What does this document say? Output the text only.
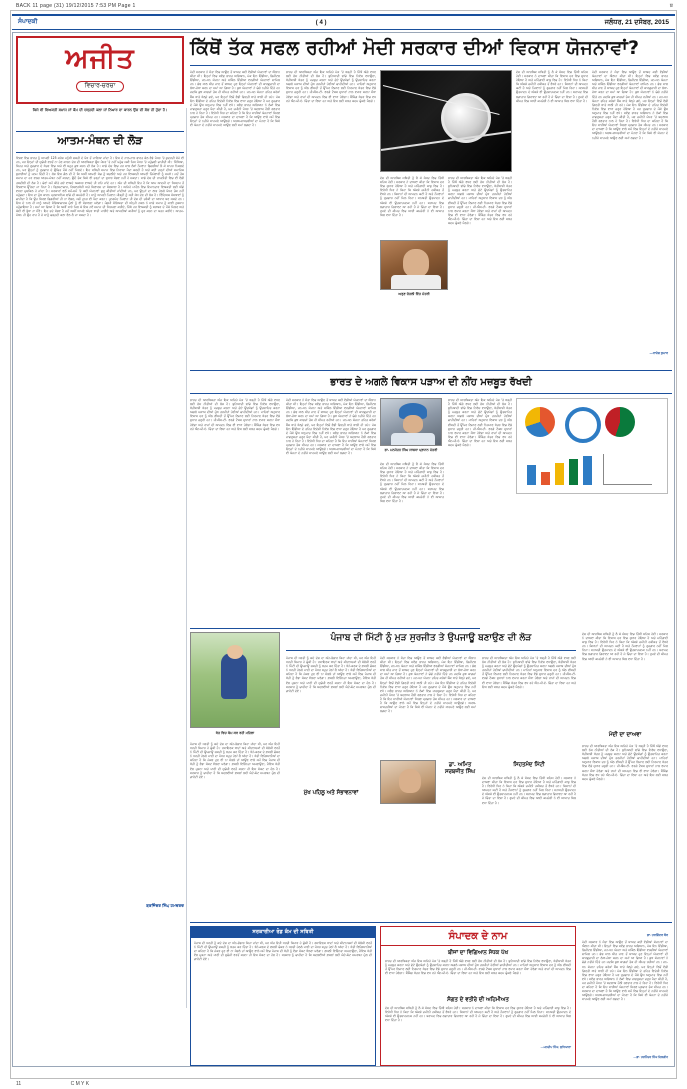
BACK 11 page (31) 19/12/2015 7:53 PM Page 1	प्र
ਸੰਪਾਦਕੀ	( 4 )	ਜਲੰਧਰ, 21 ਦਸੰਬਰ, 2015
ਅਜੀਤ
ਵਿਚਾਰ-ਚਰਚਾ
ਕਿੱਥੋਂ ਤੱਕ ਸਫਲ ਰਹੀਆਂ ਮੋਦੀ ਸਰਕਾਰ ਦੀਆਂ ਵਿਕਾਸ ਯੋਜਨਾਵਾਂ?
ਕਿਸੇ ਵੀ ਵਿਅਕਤੀ ਸਮਾਜ ਜਾਂ ਕੌਮ ਦੀ ਚੜ੍ਹਦੀ ਕਲਾ ਜਾਂ ਨਿਘਾਰ ਦਾ ਕਾਰਨ ਉਸ ਦੀ ਸੋਚ ਹੀ ਹੁੰਦਾ ਹੈ।
ਆਤਮ-ਮੰਥਨ ਦੀ ਲੋੜ
ਵਿਸ਼ਵ ਵਿਚ ਭਾਰਤ ਨੂੰ ਆਪਣੀ 125 ਕਰੋੜ ਮਨੁੱਖੀ ਸ਼ਕਤੀ ਦੇ ਪੱਖ ਤੋਂ ਜਾਣਿਆ ਜਾਂਦਾ ਹੈ। ਇਸ ਦੇ ਨਾਲ-ਨਾਲ ਭਾਰਤ ਕੋਲ ਵੱਡੇ ਪੱਧਰ 'ਤੇ ਕੁਦਰਤੀ ਸੋਮੇ ਵੀ ਹਨ, ਪਰ ਇਨ੍ਹਾਂ ਦੀ ਸੁਚੱਜੀ ਵਰਤੋਂ ਨਾ ਹੋਣ ਕਾਰਨ ਦੇਸ਼ ਦੀ ਆਰਥਿਕਤਾ ਉਸ ਪੱਧਰ 'ਤੇ ਨਹੀਂ ਪਹੁੰਚ ਸਕੀ ਜਿਸ ਪੱਧਰ 'ਤੇ ਪਹੁੰਚਣੀ ਚਾਹੀਦੀ ਸੀ। ਸਿੱਖਿਆ, ਸਿਹਤ ਅਤੇ ਰੁਜ਼ਗਾਰ ਦੇ ਖੇਤਰ ਵਿਚ ਅਜੇ ਵੀ ਬਹੁਤ ਕੁਝ ਕਰਨ ਦੀ ਲੋੜ ਹੈ। ਸਾਡੇ ਦੇਸ਼ ਵਿਚ ਹਰ ਸਾਲ ਲੱਖਾਂ ਨੌਜਵਾਨ ਡਿਗਰੀਆਂ ਲੈ ਕੇ ਬਾਹਰ ਨਿਕਲਦੇ ਹਨ, ਪਰ ਉਨ੍ਹਾਂ ਨੂੰ ਰੁਜ਼ਗਾਰ ਦੇ ਉਚਿਤ ਮੌਕੇ ਨਹੀਂ ਮਿਲਦੇ। ਇਹ ਸਥਿਤੀ ਸਮਾਜ ਵਿਚ ਨਿਰਾਸ਼ਾ ਪੈਦਾ ਕਰਦੀ ਹੈ ਅਤੇ ਕਈ ਤਰ੍ਹਾਂ ਦੀਆਂ ਸਮਾਜਿਕ ਬੁਰਾਈਆਂ ਨੂੰ ਜਨਮ ਦਿੰਦੀ ਹੈ। ਲੋੜ ਇਸ ਗੱਲ ਦੀ ਹੈ ਕਿ ਅਸੀਂ ਆਪਣੀ ਸੋਚ ਨੂੰ ਬਦਲੀਏ ਅਤੇ ਹਰ ਵਿਅਕਤੀ ਆਪਣੀ ਜ਼ਿੰਮੇਵਾਰੀ ਨੂੰ ਸਮਝੇ। ਜਦੋਂ ਤੱਕ ਸਮਾਜ ਦਾ ਹਰ ਵਰਗ ਆਤਮ-ਮੰਥਨ ਨਹੀਂ ਕਰਦਾ, ਉਦੋਂ ਤੱਕ ਕਿਸੇ ਵੀ ਤਰ੍ਹਾਂ ਦਾ ਸੁਧਾਰ ਸੰਭਵ ਨਹੀਂ ਹੋ ਸਕਦਾ। ਸਾਡੇ ਦੇਸ਼ ਦੀ ਰਾਜਨੀਤੀ ਵਿਚ ਵੀ ਵੱਡੀ ਤਬਦੀਲੀ ਦੀ ਲੋੜ ਹੈ। ਚੋਣਾਂ ਸਮੇਂ ਕੀਤੇ ਗਏ ਵਾਅਦੇ ਅਕਸਰ ਵਾਅਦੇ ਹੀ ਰਹਿ ਜਾਂਦੇ ਹਨ। ਅੱਜ ਦੀ ਸਥਿਤੀ ਇਹ ਹੈ ਕਿ ਆਮ ਆਦਮੀ ਦਾ ਸਿਸਟਮ ਤੋਂ ਵਿਸ਼ਵਾਸ ਉੱਠਦਾ ਜਾ ਰਿਹਾ ਹੈ। ਭ੍ਰਿਸ਼ਟਾਚਾਰ, ਰਿਸ਼ਵਤਖੋਰੀ ਅਤੇ ਸਿਫ਼ਾਰਸ਼ ਦਾ ਬੋਲਬਾਲਾ ਹੈ। ਅਜਿਹੇ ਮਾਹੌਲ ਵਿਚ ਇਮਾਨਦਾਰ ਵਿਅਕਤੀ ਲਈ ਅੱਗੇ ਵਧਣਾ ਮੁਸ਼ਕਿਲ ਹੋ ਜਾਂਦਾ ਹੈ। ਸਰਕਾਰਾਂ ਵਲੋਂ ਸਮੇਂ-ਸਮੇਂ 'ਤੇ ਕਈ ਯੋਜਨਾਵਾਂ ਸ਼ੁਰੂ ਕੀਤੀਆਂ ਜਾਂਦੀਆਂ ਹਨ, ਪਰ ਉਨ੍ਹਾਂ ਦਾ ਲਾਭ ਹੇਠਲੇ ਪੱਧਰ ਤੱਕ ਨਹੀਂ ਪਹੁੰਚਦਾ। ਇਸ ਦਾ ਮੁੱਖ ਕਾਰਨ ਪ੍ਰਸ਼ਾਸਨਿਕ ਢਾਂਚੇ ਦੀ ਕਮਜ਼ੋਰੀ ਹੈ। ਸਾਨੂੰ ਆਪਣੀ ਨੌਜਵਾਨ ਪੀੜ੍ਹੀ ਨੂੰ ਸਹੀ ਸੇਧ ਦੇਣ ਦੀ ਲੋੜ ਹੈ। ਵਿੱਦਿਅਕ ਸੰਸਥਾਵਾਂ ਨੂੰ ਚਾਹੀਦਾ ਹੈ ਕਿ ਉਹ ਸਿਰਫ਼ ਡਿਗਰੀਆਂ ਹੀ ਨਾ ਵੰਡਣ, ਸਗੋਂ ਹੁਨਰ ਵੀ ਪੈਦਾ ਕਰਨ। ਹੁਨਰਮੰਦ ਨੌਜਵਾਨ ਹੀ ਦੇਸ਼ ਦੀ ਤਰੱਕੀ ਦਾ ਆਧਾਰ ਬਣ ਸਕਦੇ ਹਨ। ਇਸ ਦੇ ਨਾਲ ਹੀ ਸਾਨੂੰ ਆਪਣੇ ਸੱਭਿਆਚਾਰਕ ਮੁੱਲਾਂ ਨੂੰ ਵੀ ਸੰਭਾਲਣਾ ਪਵੇਗਾ। ਪੱਛਮੀ ਸੱਭਿਅਤਾ ਦੀ ਅੰਨ੍ਹੀ ਨਕਲ ਨੇ ਸਾਡੇ ਸਮਾਜ ਨੂੰ ਕਾਫ਼ੀ ਨੁਕਸਾਨ ਪਹੁੰਚਾਇਆ ਹੈ। ਸਮਾਂ ਆ ਗਿਆ ਹੈ ਕਿ ਅਸੀਂ ਸਾਰੇ ਮਿਲ ਕੇ ਇਕ ਨਵੇਂ ਸਮਾਜ ਦੀ ਸਿਰਜਣਾ ਕਰੀਏ, ਜਿੱਥੇ ਹਰ ਵਿਅਕਤੀ ਨੂੰ ਬਰਾਬਰ ਦੇ ਮੌਕੇ ਮਿਲਣ ਅਤੇ ਕੋਈ ਵੀ ਭੁੱਖਾ ਨਾ ਸੌਂਵੇ। ਇਹ ਤਦੇ ਸੰਭਵ ਹੈ ਜਦੋਂ ਅਸੀਂ ਆਪਣੇ ਅੰਦਰ ਝਾਤੀ ਮਾਰੀਏ ਅਤੇ ਆਪਣੀਆਂ ਕਮੀਆਂ ਨੂੰ ਦੂਰ ਕਰਨ ਦਾ ਯਤਨ ਕਰੀਏ। ਆਤਮ-ਮੰਥਨ ਹੀ ਉਹ ਰਾਹ ਹੈ ਜੋ ਸਾਨੂੰ ਚੜ੍ਹਦੀ ਕਲਾ ਵੱਲ ਲੈ ਜਾ ਸਕਦਾ ਹੈ।
ਬਰਜਿੰਦਰ ਸਿੰਘ ਹਮਦਰਦ
ਮੋਦੀ ਸਰਕਾਰ ਨੇ ਸੱਤਾ ਵਿਚ ਆਉਣ ਤੋਂ ਬਾਅਦ ਕਈ ਵੱਡੀਆਂ ਯੋਜਨਾਵਾਂ ਦਾ ਐਲਾਨ ਕੀਤਾ ਸੀ। ਇਨ੍ਹਾਂ ਵਿਚ ਸਵੱਛ ਭਾਰਤ ਅਭਿਆਨ, ਮੇਕ ਇਨ ਇੰਡੀਆ, ਡਿਜੀਟਲ ਇੰਡੀਆ, ਜਨ-ਧਨ ਯੋਜਨਾ ਅਤੇ ਸਕਿੱਲ ਇੰਡੀਆ ਵਰਗੀਆਂ ਯੋਜਨਾਵਾਂ ਸ਼ਾਮਿਲ ਹਨ। ਡੇਢ ਸਾਲ ਬੀਤ ਜਾਣ ਤੋਂ ਬਾਅਦ ਹੁਣ ਇਨ੍ਹਾਂ ਯੋਜਨਾਵਾਂ ਦੀ ਕਾਰਗੁਜ਼ਾਰੀ ਦਾ ਲੇਖਾ-ਜੋਖਾ ਕਰਨ ਦਾ ਸਮਾਂ ਆ ਗਿਆ ਹੈ। ਕੁਝ ਯੋਜਨਾਵਾਂ ਨੇ ਚੰਗੇ ਨਤੀਜੇ ਦਿੱਤੇ ਹਨ ਜਦਕਿ ਕੁਝ ਕਾਗਜ਼ਾਂ ਤੱਕ ਹੀ ਸੀਮਤ ਰਹੀਆਂ ਹਨ। ਜਨ-ਧਨ ਯੋਜਨਾ ਤਹਿਤ ਕਰੋੜਾਂ ਬੈਂਕ ਖਾਤੇ ਖੋਲ੍ਹੇ ਗਏ, ਪਰ ਇਨ੍ਹਾਂ ਵਿਚੋਂ ਵੱਡੀ ਗਿਣਤੀ ਖਾਤੇ ਖਾਲੀ ਹੀ ਰਹੇ। ਮੇਕ ਇਨ ਇੰਡੀਆ ਦੇ ਤਹਿਤ ਵਿਦੇਸ਼ੀ ਨਿਵੇਸ਼ ਵਿਚ ਵਾਧਾ ਜ਼ਰੂਰ ਹੋਇਆ ਹੈ ਪਰ ਰੁਜ਼ਗਾਰ ਦੇ ਮੌਕੇ ਉਸ ਅਨੁਪਾਤ ਵਿਚ ਨਹੀਂ ਵਧੇ। ਸਵੱਛ ਭਾਰਤ ਅਭਿਆਨ ਨੇ ਲੋਕਾਂ ਵਿਚ ਜਾਗਰੂਕਤਾ ਜ਼ਰੂਰ ਪੈਦਾ ਕੀਤੀ ਹੈ, ਪਰ ਜ਼ਮੀਨੀ ਪੱਧਰ 'ਤੇ ਬਦਲਾਅ ਹੌਲੀ ਰਫ਼ਤਾਰ ਨਾਲ ਹੋ ਰਿਹਾ ਹੈ। ਵਿਰੋਧੀ ਧਿਰ ਦਾ ਕਹਿਣਾ ਹੈ ਕਿ ਇਹ ਸਾਰੀਆਂ ਯੋਜਨਾਵਾਂ ਸਿਰਫ਼ ਪ੍ਰਚਾਰ ਤੱਕ ਸੀਮਤ ਹਨ। ਸਰਕਾਰ ਦਾ ਦਾਅਵਾ ਹੈ ਕਿ ਆਉਣ ਵਾਲੇ ਸਮੇਂ ਵਿਚ ਇਨ੍ਹਾਂ ਦੇ ਨਤੀਜੇ ਸਾਹਮਣੇ ਆਉਣਗੇ। ਅਰਥ-ਸ਼ਾਸਤਰੀਆਂ ਦਾ ਮੰਨਣਾ ਹੈ ਕਿ ਕਿਸੇ ਵੀ ਯੋਜਨਾ ਦੇ ਨਤੀਜੇ ਸਾਹਮਣੇ ਆਉਣ ਲਈ ਸਮਾਂ ਲਗਦਾ ਹੈ।
ਭਾਰਤ ਦੀ ਆਰਥਿਕਤਾ ਅੱਜ ਇਕ ਅਜਿਹੇ ਮੋੜ 'ਤੇ ਖੜ੍ਹੀ ਹੈ ਜਿੱਥੋਂ ਅੱਗੇ ਵਧਣ ਲਈ ਠੋਸ ਨੀਤੀਆਂ ਦੀ ਲੋੜ ਹੈ। ਬੁਨਿਆਦੀ ਢਾਂਚੇ ਵਿਚ ਨਿਵੇਸ਼ ਵਧਾਉਣਾ, ਖੇਤੀਬਾੜੀ ਖੇਤਰ ਨੂੰ ਮਜ਼ਬੂਤ ਕਰਨਾ ਅਤੇ ਛੋਟੇ ਉਦਯੋਗਾਂ ਨੂੰ ਉਤਸ਼ਾਹਿਤ ਕਰਨਾ ਅਗਲੇ ਪੜਾਅ ਦੀਆਂ ਮੁੱਖ ਤਰਜੀਹਾਂ ਹੋਣੀਆਂ ਚਾਹੀਦੀਆਂ ਹਨ। ਮਾਹਿਰਾਂ ਅਨੁਸਾਰ ਵਿਕਾਸ ਦਰ ਨੂੰ ਅੱਠ ਫ਼ੀਸਦੀ ਤੋਂ ਉੱਪਰ ਲਿਜਾਣ ਲਈ ਨਿਰਮਾਣ ਖੇਤਰ ਵਿਚ ਵੱਡੇ ਸੁਧਾਰ ਜ਼ਰੂਰੀ ਹਨ। ਜੀ.ਐਸ.ਟੀ. ਵਰਗੇ ਟੈਕਸ ਸੁਧਾਰਾਂ ਨਾਲ ਵਪਾਰ ਕਰਨਾ ਸੌਖਾ ਹੋਵੇਗਾ ਅਤੇ ਰਾਜਾਂ ਦੀ ਆਮਦਨ ਵਿਚ ਵੀ ਵਾਧਾ ਹੋਵੇਗਾ। ਬੈਂਕਿੰਗ ਖੇਤਰ ਵਿਚ ਵਧ ਰਹੇ ਐਨ.ਪੀ.ਏ. ਚਿੰਤਾ ਦਾ ਵਿਸ਼ਾ ਹਨ ਅਤੇ ਇਸ ਲਈ ਸਖ਼ਤ ਕਦਮ ਚੁੱਕਣੇ ਪੈਣਗੇ।
ਦੇਸ਼ ਦੀ ਆਰਥਿਕ ਸਥਿਤੀ ਨੂੰ ਲੈ ਕੇ ਸੰਸਦ ਵਿਚ ਤਿੱਖੀ ਬਹਿਸ ਹੋਈ। ਸਰਕਾਰ ਨੇ ਦਾਅਵਾ ਕੀਤਾ ਕਿ ਵਿਕਾਸ ਦਰ ਵਿਚ ਸੁਧਾਰ ਹੋਇਆ ਹੈ ਅਤੇ ਮਹਿੰਗਾਈ ਕਾਬੂ ਵਿਚ ਹੈ। ਵਿਰੋਧੀ ਧਿਰ ਨੇ ਕਿਹਾ ਕਿ ਅੰਕੜੇ ਜ਼ਮੀਨੀ ਹਕੀਕਤ ਤੋਂ ਵੱਖਰੇ ਹਨ। ਕਿਸਾਨਾਂ ਦੀ ਆਮਦਨ ਘਟੀ ਹੈ ਅਤੇ ਨੌਜਵਾਨਾਂ ਨੂੰ ਰੁਜ਼ਗਾਰ ਨਹੀਂ ਮਿਲ ਰਿਹਾ। ਸਨਅਤੀ ਉਤਪਾਦਨ ਦੇ ਅੰਕੜੇ ਵੀ ਉਤਸ਼ਾਹਜਨਕ ਨਹੀਂ ਹਨ। ਬਰਾਮਦ ਵਿਚ ਲਗਾਤਾਰ ਗਿਰਾਵਟ ਆ ਰਹੀ ਹੈ ਜੋ ਚਿੰਤਾ ਦਾ ਵਿਸ਼ਾ ਹੈ। ਰੁਪਏ ਦੀ ਕੀਮਤ ਵਿਚ ਆਈ ਕਮਜ਼ੋਰੀ ਨੇ ਵੀ ਆਯਾਤ ਬਿਲ ਵਧਾ ਦਿੱਤਾ ਹੈ।
ਭਾਰਤ ਦੀ ਆਰਥਿਕਤਾ ਅੱਜ ਇਕ ਅਜਿਹੇ ਮੋੜ 'ਤੇ ਖੜ੍ਹੀ ਹੈ ਜਿੱਥੋਂ ਅੱਗੇ ਵਧਣ ਲਈ ਠੋਸ ਨੀਤੀਆਂ ਦੀ ਲੋੜ ਹੈ। ਬੁਨਿਆਦੀ ਢਾਂਚੇ ਵਿਚ ਨਿਵੇਸ਼ ਵਧਾਉਣਾ, ਖੇਤੀਬਾੜੀ ਖੇਤਰ ਨੂੰ ਮਜ਼ਬੂਤ ਕਰਨਾ ਅਤੇ ਛੋਟੇ ਉਦਯੋਗਾਂ ਨੂੰ ਉਤਸ਼ਾਹਿਤ ਕਰਨਾ ਅਗਲੇ ਪੜਾਅ ਦੀਆਂ ਮੁੱਖ ਤਰਜੀਹਾਂ ਹੋਣੀਆਂ ਚਾਹੀਦੀਆਂ ਹਨ। ਮਾਹਿਰਾਂ ਅਨੁਸਾਰ ਵਿਕਾਸ ਦਰ ਨੂੰ ਅੱਠ ਫ਼ੀਸਦੀ ਤੋਂ ਉੱਪਰ ਲਿਜਾਣ ਲਈ ਨਿਰਮਾਣ ਖੇਤਰ ਵਿਚ ਵੱਡੇ ਸੁਧਾਰ ਜ਼ਰੂਰੀ ਹਨ। ਜੀ.ਐਸ.ਟੀ. ਵਰਗੇ ਟੈਕਸ ਸੁਧਾਰਾਂ ਨਾਲ ਵਪਾਰ ਕਰਨਾ ਸੌਖਾ ਹੋਵੇਗਾ ਅਤੇ ਰਾਜਾਂ ਦੀ ਆਮਦਨ ਵਿਚ ਵੀ ਵਾਧਾ ਹੋਵੇਗਾ। ਬੈਂਕਿੰਗ ਖੇਤਰ ਵਿਚ ਵਧ ਰਹੇ ਐਨ.ਪੀ.ਏ. ਚਿੰਤਾ ਦਾ ਵਿਸ਼ਾ ਹਨ ਅਤੇ ਇਸ ਲਈ ਸਖ਼ਤ ਕਦਮ ਚੁੱਕਣੇ ਪੈਣਗੇ।
ਅਰੁਣ ਜੇਤਲੀ ਵਿੱਤ ਮੰਤਰੀ
ਦੇਸ਼ ਦੀ ਆਰਥਿਕ ਸਥਿਤੀ ਨੂੰ ਲੈ ਕੇ ਸੰਸਦ ਵਿਚ ਤਿੱਖੀ ਬਹਿਸ ਹੋਈ। ਸਰਕਾਰ ਨੇ ਦਾਅਵਾ ਕੀਤਾ ਕਿ ਵਿਕਾਸ ਦਰ ਵਿਚ ਸੁਧਾਰ ਹੋਇਆ ਹੈ ਅਤੇ ਮਹਿੰਗਾਈ ਕਾਬੂ ਵਿਚ ਹੈ। ਵਿਰੋਧੀ ਧਿਰ ਨੇ ਕਿਹਾ ਕਿ ਅੰਕੜੇ ਜ਼ਮੀਨੀ ਹਕੀਕਤ ਤੋਂ ਵੱਖਰੇ ਹਨ। ਕਿਸਾਨਾਂ ਦੀ ਆਮਦਨ ਘਟੀ ਹੈ ਅਤੇ ਨੌਜਵਾਨਾਂ ਨੂੰ ਰੁਜ਼ਗਾਰ ਨਹੀਂ ਮਿਲ ਰਿਹਾ। ਸਨਅਤੀ ਉਤਪਾਦਨ ਦੇ ਅੰਕੜੇ ਵੀ ਉਤਸ਼ਾਹਜਨਕ ਨਹੀਂ ਹਨ। ਬਰਾਮਦ ਵਿਚ ਲਗਾਤਾਰ ਗਿਰਾਵਟ ਆ ਰਹੀ ਹੈ ਜੋ ਚਿੰਤਾ ਦਾ ਵਿਸ਼ਾ ਹੈ। ਰੁਪਏ ਦੀ ਕੀਮਤ ਵਿਚ ਆਈ ਕਮਜ਼ੋਰੀ ਨੇ ਵੀ ਆਯਾਤ ਬਿਲ ਵਧਾ ਦਿੱਤਾ ਹੈ।
ਮੋਦੀ ਸਰਕਾਰ ਨੇ ਸੱਤਾ ਵਿਚ ਆਉਣ ਤੋਂ ਬਾਅਦ ਕਈ ਵੱਡੀਆਂ ਯੋਜਨਾਵਾਂ ਦਾ ਐਲਾਨ ਕੀਤਾ ਸੀ। ਇਨ੍ਹਾਂ ਵਿਚ ਸਵੱਛ ਭਾਰਤ ਅਭਿਆਨ, ਮੇਕ ਇਨ ਇੰਡੀਆ, ਡਿਜੀਟਲ ਇੰਡੀਆ, ਜਨ-ਧਨ ਯੋਜਨਾ ਅਤੇ ਸਕਿੱਲ ਇੰਡੀਆ ਵਰਗੀਆਂ ਯੋਜਨਾਵਾਂ ਸ਼ਾਮਿਲ ਹਨ। ਡੇਢ ਸਾਲ ਬੀਤ ਜਾਣ ਤੋਂ ਬਾਅਦ ਹੁਣ ਇਨ੍ਹਾਂ ਯੋਜਨਾਵਾਂ ਦੀ ਕਾਰਗੁਜ਼ਾਰੀ ਦਾ ਲੇਖਾ-ਜੋਖਾ ਕਰਨ ਦਾ ਸਮਾਂ ਆ ਗਿਆ ਹੈ। ਕੁਝ ਯੋਜਨਾਵਾਂ ਨੇ ਚੰਗੇ ਨਤੀਜੇ ਦਿੱਤੇ ਹਨ ਜਦਕਿ ਕੁਝ ਕਾਗਜ਼ਾਂ ਤੱਕ ਹੀ ਸੀਮਤ ਰਹੀਆਂ ਹਨ। ਜਨ-ਧਨ ਯੋਜਨਾ ਤਹਿਤ ਕਰੋੜਾਂ ਬੈਂਕ ਖਾਤੇ ਖੋਲ੍ਹੇ ਗਏ, ਪਰ ਇਨ੍ਹਾਂ ਵਿਚੋਂ ਵੱਡੀ ਗਿਣਤੀ ਖਾਤੇ ਖਾਲੀ ਹੀ ਰਹੇ। ਮੇਕ ਇਨ ਇੰਡੀਆ ਦੇ ਤਹਿਤ ਵਿਦੇਸ਼ੀ ਨਿਵੇਸ਼ ਵਿਚ ਵਾਧਾ ਜ਼ਰੂਰ ਹੋਇਆ ਹੈ ਪਰ ਰੁਜ਼ਗਾਰ ਦੇ ਮੌਕੇ ਉਸ ਅਨੁਪਾਤ ਵਿਚ ਨਹੀਂ ਵਧੇ। ਸਵੱਛ ਭਾਰਤ ਅਭਿਆਨ ਨੇ ਲੋਕਾਂ ਵਿਚ ਜਾਗਰੂਕਤਾ ਜ਼ਰੂਰ ਪੈਦਾ ਕੀਤੀ ਹੈ, ਪਰ ਜ਼ਮੀਨੀ ਪੱਧਰ 'ਤੇ ਬਦਲਾਅ ਹੌਲੀ ਰਫ਼ਤਾਰ ਨਾਲ ਹੋ ਰਿਹਾ ਹੈ। ਵਿਰੋਧੀ ਧਿਰ ਦਾ ਕਹਿਣਾ ਹੈ ਕਿ ਇਹ ਸਾਰੀਆਂ ਯੋਜਨਾਵਾਂ ਸਿਰਫ਼ ਪ੍ਰਚਾਰ ਤੱਕ ਸੀਮਤ ਹਨ। ਸਰਕਾਰ ਦਾ ਦਾਅਵਾ ਹੈ ਕਿ ਆਉਣ ਵਾਲੇ ਸਮੇਂ ਵਿਚ ਇਨ੍ਹਾਂ ਦੇ ਨਤੀਜੇ ਸਾਹਮਣੇ ਆਉਣਗੇ। ਅਰਥ-ਸ਼ਾਸਤਰੀਆਂ ਦਾ ਮੰਨਣਾ ਹੈ ਕਿ ਕਿਸੇ ਵੀ ਯੋਜਨਾ ਦੇ ਨਤੀਜੇ ਸਾਹਮਣੇ ਆਉਣ ਲਈ ਸਮਾਂ ਲਗਦਾ ਹੈ।
—ਰਾਜੇਸ਼ ਕੁਮਾਰ
ਭਾਰਤ ਦੇ ਅਗਲੇ ਵਿਕਾਸ ਪੜਾਅ ਦੀ ਨੀਂਹ ਮਜ਼ਬੂਤ ਰੱਖਦੀ
ਭਾਰਤ ਦੀ ਆਰਥਿਕਤਾ ਅੱਜ ਇਕ ਅਜਿਹੇ ਮੋੜ 'ਤੇ ਖੜ੍ਹੀ ਹੈ ਜਿੱਥੋਂ ਅੱਗੇ ਵਧਣ ਲਈ ਠੋਸ ਨੀਤੀਆਂ ਦੀ ਲੋੜ ਹੈ। ਬੁਨਿਆਦੀ ਢਾਂਚੇ ਵਿਚ ਨਿਵੇਸ਼ ਵਧਾਉਣਾ, ਖੇਤੀਬਾੜੀ ਖੇਤਰ ਨੂੰ ਮਜ਼ਬੂਤ ਕਰਨਾ ਅਤੇ ਛੋਟੇ ਉਦਯੋਗਾਂ ਨੂੰ ਉਤਸ਼ਾਹਿਤ ਕਰਨਾ ਅਗਲੇ ਪੜਾਅ ਦੀਆਂ ਮੁੱਖ ਤਰਜੀਹਾਂ ਹੋਣੀਆਂ ਚਾਹੀਦੀਆਂ ਹਨ। ਮਾਹਿਰਾਂ ਅਨੁਸਾਰ ਵਿਕਾਸ ਦਰ ਨੂੰ ਅੱਠ ਫ਼ੀਸਦੀ ਤੋਂ ਉੱਪਰ ਲਿਜਾਣ ਲਈ ਨਿਰਮਾਣ ਖੇਤਰ ਵਿਚ ਵੱਡੇ ਸੁਧਾਰ ਜ਼ਰੂਰੀ ਹਨ। ਜੀ.ਐਸ.ਟੀ. ਵਰਗੇ ਟੈਕਸ ਸੁਧਾਰਾਂ ਨਾਲ ਵਪਾਰ ਕਰਨਾ ਸੌਖਾ ਹੋਵੇਗਾ ਅਤੇ ਰਾਜਾਂ ਦੀ ਆਮਦਨ ਵਿਚ ਵੀ ਵਾਧਾ ਹੋਵੇਗਾ। ਬੈਂਕਿੰਗ ਖੇਤਰ ਵਿਚ ਵਧ ਰਹੇ ਐਨ.ਪੀ.ਏ. ਚਿੰਤਾ ਦਾ ਵਿਸ਼ਾ ਹਨ ਅਤੇ ਇਸ ਲਈ ਸਖ਼ਤ ਕਦਮ ਚੁੱਕਣੇ ਪੈਣਗੇ।
ਮੋਦੀ ਸਰਕਾਰ ਨੇ ਸੱਤਾ ਵਿਚ ਆਉਣ ਤੋਂ ਬਾਅਦ ਕਈ ਵੱਡੀਆਂ ਯੋਜਨਾਵਾਂ ਦਾ ਐਲਾਨ ਕੀਤਾ ਸੀ। ਇਨ੍ਹਾਂ ਵਿਚ ਸਵੱਛ ਭਾਰਤ ਅਭਿਆਨ, ਮੇਕ ਇਨ ਇੰਡੀਆ, ਡਿਜੀਟਲ ਇੰਡੀਆ, ਜਨ-ਧਨ ਯੋਜਨਾ ਅਤੇ ਸਕਿੱਲ ਇੰਡੀਆ ਵਰਗੀਆਂ ਯੋਜਨਾਵਾਂ ਸ਼ਾਮਿਲ ਹਨ। ਡੇਢ ਸਾਲ ਬੀਤ ਜਾਣ ਤੋਂ ਬਾਅਦ ਹੁਣ ਇਨ੍ਹਾਂ ਯੋਜਨਾਵਾਂ ਦੀ ਕਾਰਗੁਜ਼ਾਰੀ ਦਾ ਲੇਖਾ-ਜੋਖਾ ਕਰਨ ਦਾ ਸਮਾਂ ਆ ਗਿਆ ਹੈ। ਕੁਝ ਯੋਜਨਾਵਾਂ ਨੇ ਚੰਗੇ ਨਤੀਜੇ ਦਿੱਤੇ ਹਨ ਜਦਕਿ ਕੁਝ ਕਾਗਜ਼ਾਂ ਤੱਕ ਹੀ ਸੀਮਤ ਰਹੀਆਂ ਹਨ। ਜਨ-ਧਨ ਯੋਜਨਾ ਤਹਿਤ ਕਰੋੜਾਂ ਬੈਂਕ ਖਾਤੇ ਖੋਲ੍ਹੇ ਗਏ, ਪਰ ਇਨ੍ਹਾਂ ਵਿਚੋਂ ਵੱਡੀ ਗਿਣਤੀ ਖਾਤੇ ਖਾਲੀ ਹੀ ਰਹੇ। ਮੇਕ ਇਨ ਇੰਡੀਆ ਦੇ ਤਹਿਤ ਵਿਦੇਸ਼ੀ ਨਿਵੇਸ਼ ਵਿਚ ਵਾਧਾ ਜ਼ਰੂਰ ਹੋਇਆ ਹੈ ਪਰ ਰੁਜ਼ਗਾਰ ਦੇ ਮੌਕੇ ਉਸ ਅਨੁਪਾਤ ਵਿਚ ਨਹੀਂ ਵਧੇ। ਸਵੱਛ ਭਾਰਤ ਅਭਿਆਨ ਨੇ ਲੋਕਾਂ ਵਿਚ ਜਾਗਰੂਕਤਾ ਜ਼ਰੂਰ ਪੈਦਾ ਕੀਤੀ ਹੈ, ਪਰ ਜ਼ਮੀਨੀ ਪੱਧਰ 'ਤੇ ਬਦਲਾਅ ਹੌਲੀ ਰਫ਼ਤਾਰ ਨਾਲ ਹੋ ਰਿਹਾ ਹੈ। ਵਿਰੋਧੀ ਧਿਰ ਦਾ ਕਹਿਣਾ ਹੈ ਕਿ ਇਹ ਸਾਰੀਆਂ ਯੋਜਨਾਵਾਂ ਸਿਰਫ਼ ਪ੍ਰਚਾਰ ਤੱਕ ਸੀਮਤ ਹਨ। ਸਰਕਾਰ ਦਾ ਦਾਅਵਾ ਹੈ ਕਿ ਆਉਣ ਵਾਲੇ ਸਮੇਂ ਵਿਚ ਇਨ੍ਹਾਂ ਦੇ ਨਤੀਜੇ ਸਾਹਮਣੇ ਆਉਣਗੇ। ਅਰਥ-ਸ਼ਾਸਤਰੀਆਂ ਦਾ ਮੰਨਣਾ ਹੈ ਕਿ ਕਿਸੇ ਵੀ ਯੋਜਨਾ ਦੇ ਨਤੀਜੇ ਸਾਹਮਣੇ ਆਉਣ ਲਈ ਸਮਾਂ ਲਗਦਾ ਹੈ।
ਦੇਸ਼ ਦੀ ਆਰਥਿਕ ਸਥਿਤੀ ਨੂੰ ਲੈ ਕੇ ਸੰਸਦ ਵਿਚ ਤਿੱਖੀ ਬਹਿਸ ਹੋਈ। ਸਰਕਾਰ ਨੇ ਦਾਅਵਾ ਕੀਤਾ ਕਿ ਵਿਕਾਸ ਦਰ ਵਿਚ ਸੁਧਾਰ ਹੋਇਆ ਹੈ ਅਤੇ ਮਹਿੰਗਾਈ ਕਾਬੂ ਵਿਚ ਹੈ। ਵਿਰੋਧੀ ਧਿਰ ਨੇ ਕਿਹਾ ਕਿ ਅੰਕੜੇ ਜ਼ਮੀਨੀ ਹਕੀਕਤ ਤੋਂ ਵੱਖਰੇ ਹਨ। ਕਿਸਾਨਾਂ ਦੀ ਆਮਦਨ ਘਟੀ ਹੈ ਅਤੇ ਨੌਜਵਾਨਾਂ ਨੂੰ ਰੁਜ਼ਗਾਰ ਨਹੀਂ ਮਿਲ ਰਿਹਾ। ਸਨਅਤੀ ਉਤਪਾਦਨ ਦੇ ਅੰਕੜੇ ਵੀ ਉਤਸ਼ਾਹਜਨਕ ਨਹੀਂ ਹਨ। ਬਰਾਮਦ ਵਿਚ ਲਗਾਤਾਰ ਗਿਰਾਵਟ ਆ ਰਹੀ ਹੈ ਜੋ ਚਿੰਤਾ ਦਾ ਵਿਸ਼ਾ ਹੈ। ਰੁਪਏ ਦੀ ਕੀਮਤ ਵਿਚ ਆਈ ਕਮਜ਼ੋਰੀ ਨੇ ਵੀ ਆਯਾਤ ਬਿਲ ਵਧਾ ਦਿੱਤਾ ਹੈ।
ਭਾਰਤ ਦੀ ਆਰਥਿਕਤਾ ਅੱਜ ਇਕ ਅਜਿਹੇ ਮੋੜ 'ਤੇ ਖੜ੍ਹੀ ਹੈ ਜਿੱਥੋਂ ਅੱਗੇ ਵਧਣ ਲਈ ਠੋਸ ਨੀਤੀਆਂ ਦੀ ਲੋੜ ਹੈ। ਬੁਨਿਆਦੀ ਢਾਂਚੇ ਵਿਚ ਨਿਵੇਸ਼ ਵਧਾਉਣਾ, ਖੇਤੀਬਾੜੀ ਖੇਤਰ ਨੂੰ ਮਜ਼ਬੂਤ ਕਰਨਾ ਅਤੇ ਛੋਟੇ ਉਦਯੋਗਾਂ ਨੂੰ ਉਤਸ਼ਾਹਿਤ ਕਰਨਾ ਅਗਲੇ ਪੜਾਅ ਦੀਆਂ ਮੁੱਖ ਤਰਜੀਹਾਂ ਹੋਣੀਆਂ ਚਾਹੀਦੀਆਂ ਹਨ। ਮਾਹਿਰਾਂ ਅਨੁਸਾਰ ਵਿਕਾਸ ਦਰ ਨੂੰ ਅੱਠ ਫ਼ੀਸਦੀ ਤੋਂ ਉੱਪਰ ਲਿਜਾਣ ਲਈ ਨਿਰਮਾਣ ਖੇਤਰ ਵਿਚ ਵੱਡੇ ਸੁਧਾਰ ਜ਼ਰੂਰੀ ਹਨ। ਜੀ.ਐਸ.ਟੀ. ਵਰਗੇ ਟੈਕਸ ਸੁਧਾਰਾਂ ਨਾਲ ਵਪਾਰ ਕਰਨਾ ਸੌਖਾ ਹੋਵੇਗਾ ਅਤੇ ਰਾਜਾਂ ਦੀ ਆਮਦਨ ਵਿਚ ਵੀ ਵਾਧਾ ਹੋਵੇਗਾ। ਬੈਂਕਿੰਗ ਖੇਤਰ ਵਿਚ ਵਧ ਰਹੇ ਐਨ.ਪੀ.ਏ. ਚਿੰਤਾ ਦਾ ਵਿਸ਼ਾ ਹਨ ਅਤੇ ਇਸ ਲਈ ਸਖ਼ਤ ਕਦਮ ਚੁੱਕਣੇ ਪੈਣਗੇ।
ਡਾ. ਮਨਮੋਹਨ ਸਿੰਘ ਸਾਬਕਾ ਪ੍ਰਧਾਨ ਮੰਤਰੀ
ਪੰਜਾਬ ਦੀ ਮਿੱਟੀ ਨੂੰ ਮੁੜ ਸੁਰਜੀਤ ਤੇ ਉਪਜਾਊ ਬਣਾਉਣ ਦੀ ਲੋੜ
ਖੇਤ ਵਿਚ ਕੰਮ ਕਰ ਰਹੀ ਮਹਿਲਾ
ਪੰਜਾਬ ਦੀ ਧਰਤੀ ਨੂੰ ਕਦੇ ਦੇਸ਼ ਦਾ ਅੰਨ-ਭੰਡਾਰ ਕਿਹਾ ਜਾਂਦਾ ਸੀ, ਪਰ ਅੱਜ ਇਹੀ ਧਰਤੀ ਬਿਮਾਰ ਹੋ ਚੁੱਕੀ ਹੈ। ਰਸਾਇਣਕ ਖਾਦਾਂ ਅਤੇ ਕੀਟਨਾਸ਼ਕਾਂ ਦੀ ਬੇਲੋੜੀ ਵਰਤੋਂ ਨੇ ਮਿੱਟੀ ਦੀ ਉਪਜਾਊ ਸ਼ਕਤੀ ਨੂੰ ਖ਼ਤਮ ਕਰ ਦਿੱਤਾ ਹੈ। ਝੋਨੇ-ਕਣਕ ਦੇ ਫ਼ਸਲੀ ਚੱਕਰ ਨੇ ਧਰਤੀ ਹੇਠਲੇ ਪਾਣੀ ਦਾ ਪੱਧਰ ਬਹੁਤ ਹੇਠਾਂ ਲੈ ਆਂਦਾ ਹੈ। ਖੇਤੀ ਵਿਗਿਆਨੀਆਂ ਦਾ ਕਹਿਣਾ ਹੈ ਕਿ ਜੇਕਰ ਹੁਣ ਵੀ ਨਾ ਸੰਭਲੇ ਤਾਂ ਆਉਣ ਵਾਲੇ ਸਮੇਂ ਵਿਚ ਪੰਜਾਬ ਦੀ ਖੇਤੀ ਨੂੰ ਵੱਡਾ ਸੰਕਟ ਝੱਲਣਾ ਪਵੇਗਾ। ਫ਼ਸਲੀ ਵਿਭਿੰਨਤਾ ਅਪਣਾਉਣਾ, ਜੈਵਿਕ ਖੇਤੀ ਵੱਲ ਮੁੜਨਾ ਅਤੇ ਪਾਣੀ ਦੀ ਸੁਚੱਜੀ ਵਰਤੋਂ ਕਰਨਾ ਹੀ ਇਸ ਸੰਕਟ ਦਾ ਹੱਲ ਹੈ। ਸਰਕਾਰ ਨੂੰ ਚਾਹੀਦਾ ਹੈ ਕਿ ਬਦਲਵੀਆਂ ਫ਼ਸਲਾਂ ਲਈ ਘੱਟੋ-ਘੱਟ ਸਮਰਥਨ ਮੁੱਲ ਦੀ ਗਾਰੰਟੀ ਦੇਵੇ।
ਪੰਜਾਬ ਦੀ ਧਰਤੀ ਨੂੰ ਕਦੇ ਦੇਸ਼ ਦਾ ਅੰਨ-ਭੰਡਾਰ ਕਿਹਾ ਜਾਂਦਾ ਸੀ, ਪਰ ਅੱਜ ਇਹੀ ਧਰਤੀ ਬਿਮਾਰ ਹੋ ਚੁੱਕੀ ਹੈ। ਰਸਾਇਣਕ ਖਾਦਾਂ ਅਤੇ ਕੀਟਨਾਸ਼ਕਾਂ ਦੀ ਬੇਲੋੜੀ ਵਰਤੋਂ ਨੇ ਮਿੱਟੀ ਦੀ ਉਪਜਾਊ ਸ਼ਕਤੀ ਨੂੰ ਖ਼ਤਮ ਕਰ ਦਿੱਤਾ ਹੈ। ਝੋਨੇ-ਕਣਕ ਦੇ ਫ਼ਸਲੀ ਚੱਕਰ ਨੇ ਧਰਤੀ ਹੇਠਲੇ ਪਾਣੀ ਦਾ ਪੱਧਰ ਬਹੁਤ ਹੇਠਾਂ ਲੈ ਆਂਦਾ ਹੈ। ਖੇਤੀ ਵਿਗਿਆਨੀਆਂ ਦਾ ਕਹਿਣਾ ਹੈ ਕਿ ਜੇਕਰ ਹੁਣ ਵੀ ਨਾ ਸੰਭਲੇ ਤਾਂ ਆਉਣ ਵਾਲੇ ਸਮੇਂ ਵਿਚ ਪੰਜਾਬ ਦੀ ਖੇਤੀ ਨੂੰ ਵੱਡਾ ਸੰਕਟ ਝੱਲਣਾ ਪਵੇਗਾ। ਫ਼ਸਲੀ ਵਿਭਿੰਨਤਾ ਅਪਣਾਉਣਾ, ਜੈਵਿਕ ਖੇਤੀ ਵੱਲ ਮੁੜਨਾ ਅਤੇ ਪਾਣੀ ਦੀ ਸੁਚੱਜੀ ਵਰਤੋਂ ਕਰਨਾ ਹੀ ਇਸ ਸੰਕਟ ਦਾ ਹੱਲ ਹੈ। ਸਰਕਾਰ ਨੂੰ ਚਾਹੀਦਾ ਹੈ ਕਿ ਬਦਲਵੀਆਂ ਫ਼ਸਲਾਂ ਲਈ ਘੱਟੋ-ਘੱਟ ਸਮਰਥਨ ਮੁੱਲ ਦੀ ਗਾਰੰਟੀ ਦੇਵੇ।
ਮੋਦੀ ਸਰਕਾਰ ਨੇ ਸੱਤਾ ਵਿਚ ਆਉਣ ਤੋਂ ਬਾਅਦ ਕਈ ਵੱਡੀਆਂ ਯੋਜਨਾਵਾਂ ਦਾ ਐਲਾਨ ਕੀਤਾ ਸੀ। ਇਨ੍ਹਾਂ ਵਿਚ ਸਵੱਛ ਭਾਰਤ ਅਭਿਆਨ, ਮੇਕ ਇਨ ਇੰਡੀਆ, ਡਿਜੀਟਲ ਇੰਡੀਆ, ਜਨ-ਧਨ ਯੋਜਨਾ ਅਤੇ ਸਕਿੱਲ ਇੰਡੀਆ ਵਰਗੀਆਂ ਯੋਜਨਾਵਾਂ ਸ਼ਾਮਿਲ ਹਨ। ਡੇਢ ਸਾਲ ਬੀਤ ਜਾਣ ਤੋਂ ਬਾਅਦ ਹੁਣ ਇਨ੍ਹਾਂ ਯੋਜਨਾਵਾਂ ਦੀ ਕਾਰਗੁਜ਼ਾਰੀ ਦਾ ਲੇਖਾ-ਜੋਖਾ ਕਰਨ ਦਾ ਸਮਾਂ ਆ ਗਿਆ ਹੈ। ਕੁਝ ਯੋਜਨਾਵਾਂ ਨੇ ਚੰਗੇ ਨਤੀਜੇ ਦਿੱਤੇ ਹਨ ਜਦਕਿ ਕੁਝ ਕਾਗਜ਼ਾਂ ਤੱਕ ਹੀ ਸੀਮਤ ਰਹੀਆਂ ਹਨ। ਜਨ-ਧਨ ਯੋਜਨਾ ਤਹਿਤ ਕਰੋੜਾਂ ਬੈਂਕ ਖਾਤੇ ਖੋਲ੍ਹੇ ਗਏ, ਪਰ ਇਨ੍ਹਾਂ ਵਿਚੋਂ ਵੱਡੀ ਗਿਣਤੀ ਖਾਤੇ ਖਾਲੀ ਹੀ ਰਹੇ। ਮੇਕ ਇਨ ਇੰਡੀਆ ਦੇ ਤਹਿਤ ਵਿਦੇਸ਼ੀ ਨਿਵੇਸ਼ ਵਿਚ ਵਾਧਾ ਜ਼ਰੂਰ ਹੋਇਆ ਹੈ ਪਰ ਰੁਜ਼ਗਾਰ ਦੇ ਮੌਕੇ ਉਸ ਅਨੁਪਾਤ ਵਿਚ ਨਹੀਂ ਵਧੇ। ਸਵੱਛ ਭਾਰਤ ਅਭਿਆਨ ਨੇ ਲੋਕਾਂ ਵਿਚ ਜਾਗਰੂਕਤਾ ਜ਼ਰੂਰ ਪੈਦਾ ਕੀਤੀ ਹੈ, ਪਰ ਜ਼ਮੀਨੀ ਪੱਧਰ 'ਤੇ ਬਦਲਾਅ ਹੌਲੀ ਰਫ਼ਤਾਰ ਨਾਲ ਹੋ ਰਿਹਾ ਹੈ। ਵਿਰੋਧੀ ਧਿਰ ਦਾ ਕਹਿਣਾ ਹੈ ਕਿ ਇਹ ਸਾਰੀਆਂ ਯੋਜਨਾਵਾਂ ਸਿਰਫ਼ ਪ੍ਰਚਾਰ ਤੱਕ ਸੀਮਤ ਹਨ। ਸਰਕਾਰ ਦਾ ਦਾਅਵਾ ਹੈ ਕਿ ਆਉਣ ਵਾਲੇ ਸਮੇਂ ਵਿਚ ਇਨ੍ਹਾਂ ਦੇ ਨਤੀਜੇ ਸਾਹਮਣੇ ਆਉਣਗੇ। ਅਰਥ-ਸ਼ਾਸਤਰੀਆਂ ਦਾ ਮੰਨਣਾ ਹੈ ਕਿ ਕਿਸੇ ਵੀ ਯੋਜਨਾ ਦੇ ਨਤੀਜੇ ਸਾਹਮਣੇ ਆਉਣ ਲਈ ਸਮਾਂ ਲਗਦਾ ਹੈ।
ਭਾਰਤ ਦੀ ਆਰਥਿਕਤਾ ਅੱਜ ਇਕ ਅਜਿਹੇ ਮੋੜ 'ਤੇ ਖੜ੍ਹੀ ਹੈ ਜਿੱਥੋਂ ਅੱਗੇ ਵਧਣ ਲਈ ਠੋਸ ਨੀਤੀਆਂ ਦੀ ਲੋੜ ਹੈ। ਬੁਨਿਆਦੀ ਢਾਂਚੇ ਵਿਚ ਨਿਵੇਸ਼ ਵਧਾਉਣਾ, ਖੇਤੀਬਾੜੀ ਖੇਤਰ ਨੂੰ ਮਜ਼ਬੂਤ ਕਰਨਾ ਅਤੇ ਛੋਟੇ ਉਦਯੋਗਾਂ ਨੂੰ ਉਤਸ਼ਾਹਿਤ ਕਰਨਾ ਅਗਲੇ ਪੜਾਅ ਦੀਆਂ ਮੁੱਖ ਤਰਜੀਹਾਂ ਹੋਣੀਆਂ ਚਾਹੀਦੀਆਂ ਹਨ। ਮਾਹਿਰਾਂ ਅਨੁਸਾਰ ਵਿਕਾਸ ਦਰ ਨੂੰ ਅੱਠ ਫ਼ੀਸਦੀ ਤੋਂ ਉੱਪਰ ਲਿਜਾਣ ਲਈ ਨਿਰਮਾਣ ਖੇਤਰ ਵਿਚ ਵੱਡੇ ਸੁਧਾਰ ਜ਼ਰੂਰੀ ਹਨ। ਜੀ.ਐਸ.ਟੀ. ਵਰਗੇ ਟੈਕਸ ਸੁਧਾਰਾਂ ਨਾਲ ਵਪਾਰ ਕਰਨਾ ਸੌਖਾ ਹੋਵੇਗਾ ਅਤੇ ਰਾਜਾਂ ਦੀ ਆਮਦਨ ਵਿਚ ਵੀ ਵਾਧਾ ਹੋਵੇਗਾ। ਬੈਂਕਿੰਗ ਖੇਤਰ ਵਿਚ ਵਧ ਰਹੇ ਐਨ.ਪੀ.ਏ. ਚਿੰਤਾ ਦਾ ਵਿਸ਼ਾ ਹਨ ਅਤੇ ਇਸ ਲਈ ਸਖ਼ਤ ਕਦਮ ਚੁੱਕਣੇ ਪੈਣਗੇ।
ਡਾ. ਅਮਿਤ ਸਰਬਜੀਤ ਸਿੰਘ
ਮੁੱਖ ਪਹਿਲੂ ਅਤੇ ਸੰਭਾਵਨਾਵਾਂ
ਸਿਹਤਮੰਦ ਮਿੱਟੀ
ਦੇਸ਼ ਦੀ ਆਰਥਿਕ ਸਥਿਤੀ ਨੂੰ ਲੈ ਕੇ ਸੰਸਦ ਵਿਚ ਤਿੱਖੀ ਬਹਿਸ ਹੋਈ। ਸਰਕਾਰ ਨੇ ਦਾਅਵਾ ਕੀਤਾ ਕਿ ਵਿਕਾਸ ਦਰ ਵਿਚ ਸੁਧਾਰ ਹੋਇਆ ਹੈ ਅਤੇ ਮਹਿੰਗਾਈ ਕਾਬੂ ਵਿਚ ਹੈ। ਵਿਰੋਧੀ ਧਿਰ ਨੇ ਕਿਹਾ ਕਿ ਅੰਕੜੇ ਜ਼ਮੀਨੀ ਹਕੀਕਤ ਤੋਂ ਵੱਖਰੇ ਹਨ। ਕਿਸਾਨਾਂ ਦੀ ਆਮਦਨ ਘਟੀ ਹੈ ਅਤੇ ਨੌਜਵਾਨਾਂ ਨੂੰ ਰੁਜ਼ਗਾਰ ਨਹੀਂ ਮਿਲ ਰਿਹਾ। ਸਨਅਤੀ ਉਤਪਾਦਨ ਦੇ ਅੰਕੜੇ ਵੀ ਉਤਸ਼ਾਹਜਨਕ ਨਹੀਂ ਹਨ। ਬਰਾਮਦ ਵਿਚ ਲਗਾਤਾਰ ਗਿਰਾਵਟ ਆ ਰਹੀ ਹੈ ਜੋ ਚਿੰਤਾ ਦਾ ਵਿਸ਼ਾ ਹੈ। ਰੁਪਏ ਦੀ ਕੀਮਤ ਵਿਚ ਆਈ ਕਮਜ਼ੋਰੀ ਨੇ ਵੀ ਆਯਾਤ ਬਿਲ ਵਧਾ ਦਿੱਤਾ ਹੈ।
ਦੇਸ਼ ਦੀ ਆਰਥਿਕ ਸਥਿਤੀ ਨੂੰ ਲੈ ਕੇ ਸੰਸਦ ਵਿਚ ਤਿੱਖੀ ਬਹਿਸ ਹੋਈ। ਸਰਕਾਰ ਨੇ ਦਾਅਵਾ ਕੀਤਾ ਕਿ ਵਿਕਾਸ ਦਰ ਵਿਚ ਸੁਧਾਰ ਹੋਇਆ ਹੈ ਅਤੇ ਮਹਿੰਗਾਈ ਕਾਬੂ ਵਿਚ ਹੈ। ਵਿਰੋਧੀ ਧਿਰ ਨੇ ਕਿਹਾ ਕਿ ਅੰਕੜੇ ਜ਼ਮੀਨੀ ਹਕੀਕਤ ਤੋਂ ਵੱਖਰੇ ਹਨ। ਕਿਸਾਨਾਂ ਦੀ ਆਮਦਨ ਘਟੀ ਹੈ ਅਤੇ ਨੌਜਵਾਨਾਂ ਨੂੰ ਰੁਜ਼ਗਾਰ ਨਹੀਂ ਮਿਲ ਰਿਹਾ। ਸਨਅਤੀ ਉਤਪਾਦਨ ਦੇ ਅੰਕੜੇ ਵੀ ਉਤਸ਼ਾਹਜਨਕ ਨਹੀਂ ਹਨ। ਬਰਾਮਦ ਵਿਚ ਲਗਾਤਾਰ ਗਿਰਾਵਟ ਆ ਰਹੀ ਹੈ ਜੋ ਚਿੰਤਾ ਦਾ ਵਿਸ਼ਾ ਹੈ। ਰੁਪਏ ਦੀ ਕੀਮਤ ਵਿਚ ਆਈ ਕਮਜ਼ੋਰੀ ਨੇ ਵੀ ਆਯਾਤ ਬਿਲ ਵਧਾ ਦਿੱਤਾ ਹੈ।
ਮੋਦੀ ਦਾ ਦਾਅਵਾ
ਭਾਰਤ ਦੀ ਆਰਥਿਕਤਾ ਅੱਜ ਇਕ ਅਜਿਹੇ ਮੋੜ 'ਤੇ ਖੜ੍ਹੀ ਹੈ ਜਿੱਥੋਂ ਅੱਗੇ ਵਧਣ ਲਈ ਠੋਸ ਨੀਤੀਆਂ ਦੀ ਲੋੜ ਹੈ। ਬੁਨਿਆਦੀ ਢਾਂਚੇ ਵਿਚ ਨਿਵੇਸ਼ ਵਧਾਉਣਾ, ਖੇਤੀਬਾੜੀ ਖੇਤਰ ਨੂੰ ਮਜ਼ਬੂਤ ਕਰਨਾ ਅਤੇ ਛੋਟੇ ਉਦਯੋਗਾਂ ਨੂੰ ਉਤਸ਼ਾਹਿਤ ਕਰਨਾ ਅਗਲੇ ਪੜਾਅ ਦੀਆਂ ਮੁੱਖ ਤਰਜੀਹਾਂ ਹੋਣੀਆਂ ਚਾਹੀਦੀਆਂ ਹਨ। ਮਾਹਿਰਾਂ ਅਨੁਸਾਰ ਵਿਕਾਸ ਦਰ ਨੂੰ ਅੱਠ ਫ਼ੀਸਦੀ ਤੋਂ ਉੱਪਰ ਲਿਜਾਣ ਲਈ ਨਿਰਮਾਣ ਖੇਤਰ ਵਿਚ ਵੱਡੇ ਸੁਧਾਰ ਜ਼ਰੂਰੀ ਹਨ। ਜੀ.ਐਸ.ਟੀ. ਵਰਗੇ ਟੈਕਸ ਸੁਧਾਰਾਂ ਨਾਲ ਵਪਾਰ ਕਰਨਾ ਸੌਖਾ ਹੋਵੇਗਾ ਅਤੇ ਰਾਜਾਂ ਦੀ ਆਮਦਨ ਵਿਚ ਵੀ ਵਾਧਾ ਹੋਵੇਗਾ। ਬੈਂਕਿੰਗ ਖੇਤਰ ਵਿਚ ਵਧ ਰਹੇ ਐਨ.ਪੀ.ਏ. ਚਿੰਤਾ ਦਾ ਵਿਸ਼ਾ ਹਨ ਅਤੇ ਇਸ ਲਈ ਸਖ਼ਤ ਕਦਮ ਚੁੱਕਣੇ ਪੈਣਗੇ।
ਡਾ. ਹਰਸ਼ਿੰਦਰ ਕੌਰ
ਸਰਕਾਰੀਆ ਰੋਡ ਕੰਮ ਦੀ ਸਥਿਤੀ
ਪੰਜਾਬ ਦੀ ਧਰਤੀ ਨੂੰ ਕਦੇ ਦੇਸ਼ ਦਾ ਅੰਨ-ਭੰਡਾਰ ਕਿਹਾ ਜਾਂਦਾ ਸੀ, ਪਰ ਅੱਜ ਇਹੀ ਧਰਤੀ ਬਿਮਾਰ ਹੋ ਚੁੱਕੀ ਹੈ। ਰਸਾਇਣਕ ਖਾਦਾਂ ਅਤੇ ਕੀਟਨਾਸ਼ਕਾਂ ਦੀ ਬੇਲੋੜੀ ਵਰਤੋਂ ਨੇ ਮਿੱਟੀ ਦੀ ਉਪਜਾਊ ਸ਼ਕਤੀ ਨੂੰ ਖ਼ਤਮ ਕਰ ਦਿੱਤਾ ਹੈ। ਝੋਨੇ-ਕਣਕ ਦੇ ਫ਼ਸਲੀ ਚੱਕਰ ਨੇ ਧਰਤੀ ਹੇਠਲੇ ਪਾਣੀ ਦਾ ਪੱਧਰ ਬਹੁਤ ਹੇਠਾਂ ਲੈ ਆਂਦਾ ਹੈ। ਖੇਤੀ ਵਿਗਿਆਨੀਆਂ ਦਾ ਕਹਿਣਾ ਹੈ ਕਿ ਜੇਕਰ ਹੁਣ ਵੀ ਨਾ ਸੰਭਲੇ ਤਾਂ ਆਉਣ ਵਾਲੇ ਸਮੇਂ ਵਿਚ ਪੰਜਾਬ ਦੀ ਖੇਤੀ ਨੂੰ ਵੱਡਾ ਸੰਕਟ ਝੱਲਣਾ ਪਵੇਗਾ। ਫ਼ਸਲੀ ਵਿਭਿੰਨਤਾ ਅਪਣਾਉਣਾ, ਜੈਵਿਕ ਖੇਤੀ ਵੱਲ ਮੁੜਨਾ ਅਤੇ ਪਾਣੀ ਦੀ ਸੁਚੱਜੀ ਵਰਤੋਂ ਕਰਨਾ ਹੀ ਇਸ ਸੰਕਟ ਦਾ ਹੱਲ ਹੈ। ਸਰਕਾਰ ਨੂੰ ਚਾਹੀਦਾ ਹੈ ਕਿ ਬਦਲਵੀਆਂ ਫ਼ਸਲਾਂ ਲਈ ਘੱਟੋ-ਘੱਟ ਸਮਰਥਨ ਮੁੱਲ ਦੀ ਗਾਰੰਟੀ ਦੇਵੇ।
ਸੰਪਾਦਕ ਦੇ ਨਾਮ
ਬੀਜਾਂ ਦਾ ਵਿਗਿਆਨ ਸੋਧਕ ਪੱਖ
ਭਾਰਤ ਦੀ ਆਰਥਿਕਤਾ ਅੱਜ ਇਕ ਅਜਿਹੇ ਮੋੜ 'ਤੇ ਖੜ੍ਹੀ ਹੈ ਜਿੱਥੋਂ ਅੱਗੇ ਵਧਣ ਲਈ ਠੋਸ ਨੀਤੀਆਂ ਦੀ ਲੋੜ ਹੈ। ਬੁਨਿਆਦੀ ਢਾਂਚੇ ਵਿਚ ਨਿਵੇਸ਼ ਵਧਾਉਣਾ, ਖੇਤੀਬਾੜੀ ਖੇਤਰ ਨੂੰ ਮਜ਼ਬੂਤ ਕਰਨਾ ਅਤੇ ਛੋਟੇ ਉਦਯੋਗਾਂ ਨੂੰ ਉਤਸ਼ਾਹਿਤ ਕਰਨਾ ਅਗਲੇ ਪੜਾਅ ਦੀਆਂ ਮੁੱਖ ਤਰਜੀਹਾਂ ਹੋਣੀਆਂ ਚਾਹੀਦੀਆਂ ਹਨ। ਮਾਹਿਰਾਂ ਅਨੁਸਾਰ ਵਿਕਾਸ ਦਰ ਨੂੰ ਅੱਠ ਫ਼ੀਸਦੀ ਤੋਂ ਉੱਪਰ ਲਿਜਾਣ ਲਈ ਨਿਰਮਾਣ ਖੇਤਰ ਵਿਚ ਵੱਡੇ ਸੁਧਾਰ ਜ਼ਰੂਰੀ ਹਨ। ਜੀ.ਐਸ.ਟੀ. ਵਰਗੇ ਟੈਕਸ ਸੁਧਾਰਾਂ ਨਾਲ ਵਪਾਰ ਕਰਨਾ ਸੌਖਾ ਹੋਵੇਗਾ ਅਤੇ ਰਾਜਾਂ ਦੀ ਆਮਦਨ ਵਿਚ ਵੀ ਵਾਧਾ ਹੋਵੇਗਾ। ਬੈਂਕਿੰਗ ਖੇਤਰ ਵਿਚ ਵਧ ਰਹੇ ਐਨ.ਪੀ.ਏ. ਚਿੰਤਾ ਦਾ ਵਿਸ਼ਾ ਹਨ ਅਤੇ ਇਸ ਲਈ ਸਖ਼ਤ ਕਦਮ ਚੁੱਕਣੇ ਪੈਣਗੇ।
ਸੰਗਤ ਦੇ ਵਤੀਰੇ ਦੀ ਅਹਿਮੀਅਤ
ਦੇਸ਼ ਦੀ ਆਰਥਿਕ ਸਥਿਤੀ ਨੂੰ ਲੈ ਕੇ ਸੰਸਦ ਵਿਚ ਤਿੱਖੀ ਬਹਿਸ ਹੋਈ। ਸਰਕਾਰ ਨੇ ਦਾਅਵਾ ਕੀਤਾ ਕਿ ਵਿਕਾਸ ਦਰ ਵਿਚ ਸੁਧਾਰ ਹੋਇਆ ਹੈ ਅਤੇ ਮਹਿੰਗਾਈ ਕਾਬੂ ਵਿਚ ਹੈ। ਵਿਰੋਧੀ ਧਿਰ ਨੇ ਕਿਹਾ ਕਿ ਅੰਕੜੇ ਜ਼ਮੀਨੀ ਹਕੀਕਤ ਤੋਂ ਵੱਖਰੇ ਹਨ। ਕਿਸਾਨਾਂ ਦੀ ਆਮਦਨ ਘਟੀ ਹੈ ਅਤੇ ਨੌਜਵਾਨਾਂ ਨੂੰ ਰੁਜ਼ਗਾਰ ਨਹੀਂ ਮਿਲ ਰਿਹਾ। ਸਨਅਤੀ ਉਤਪਾਦਨ ਦੇ ਅੰਕੜੇ ਵੀ ਉਤਸ਼ਾਹਜਨਕ ਨਹੀਂ ਹਨ। ਬਰਾਮਦ ਵਿਚ ਲਗਾਤਾਰ ਗਿਰਾਵਟ ਆ ਰਹੀ ਹੈ ਜੋ ਚਿੰਤਾ ਦਾ ਵਿਸ਼ਾ ਹੈ। ਰੁਪਏ ਦੀ ਕੀਮਤ ਵਿਚ ਆਈ ਕਮਜ਼ੋਰੀ ਨੇ ਵੀ ਆਯਾਤ ਬਿਲ ਵਧਾ ਦਿੱਤਾ ਹੈ।
—ਮਨਦੀਪ ਸਿੰਘ, ਲੁਧਿਆਣਾ
ਮੋਦੀ ਸਰਕਾਰ ਨੇ ਸੱਤਾ ਵਿਚ ਆਉਣ ਤੋਂ ਬਾਅਦ ਕਈ ਵੱਡੀਆਂ ਯੋਜਨਾਵਾਂ ਦਾ ਐਲਾਨ ਕੀਤਾ ਸੀ। ਇਨ੍ਹਾਂ ਵਿਚ ਸਵੱਛ ਭਾਰਤ ਅਭਿਆਨ, ਮੇਕ ਇਨ ਇੰਡੀਆ, ਡਿਜੀਟਲ ਇੰਡੀਆ, ਜਨ-ਧਨ ਯੋਜਨਾ ਅਤੇ ਸਕਿੱਲ ਇੰਡੀਆ ਵਰਗੀਆਂ ਯੋਜਨਾਵਾਂ ਸ਼ਾਮਿਲ ਹਨ। ਡੇਢ ਸਾਲ ਬੀਤ ਜਾਣ ਤੋਂ ਬਾਅਦ ਹੁਣ ਇਨ੍ਹਾਂ ਯੋਜਨਾਵਾਂ ਦੀ ਕਾਰਗੁਜ਼ਾਰੀ ਦਾ ਲੇਖਾ-ਜੋਖਾ ਕਰਨ ਦਾ ਸਮਾਂ ਆ ਗਿਆ ਹੈ। ਕੁਝ ਯੋਜਨਾਵਾਂ ਨੇ ਚੰਗੇ ਨਤੀਜੇ ਦਿੱਤੇ ਹਨ ਜਦਕਿ ਕੁਝ ਕਾਗਜ਼ਾਂ ਤੱਕ ਹੀ ਸੀਮਤ ਰਹੀਆਂ ਹਨ। ਜਨ-ਧਨ ਯੋਜਨਾ ਤਹਿਤ ਕਰੋੜਾਂ ਬੈਂਕ ਖਾਤੇ ਖੋਲ੍ਹੇ ਗਏ, ਪਰ ਇਨ੍ਹਾਂ ਵਿਚੋਂ ਵੱਡੀ ਗਿਣਤੀ ਖਾਤੇ ਖਾਲੀ ਹੀ ਰਹੇ। ਮੇਕ ਇਨ ਇੰਡੀਆ ਦੇ ਤਹਿਤ ਵਿਦੇਸ਼ੀ ਨਿਵੇਸ਼ ਵਿਚ ਵਾਧਾ ਜ਼ਰੂਰ ਹੋਇਆ ਹੈ ਪਰ ਰੁਜ਼ਗਾਰ ਦੇ ਮੌਕੇ ਉਸ ਅਨੁਪਾਤ ਵਿਚ ਨਹੀਂ ਵਧੇ। ਸਵੱਛ ਭਾਰਤ ਅਭਿਆਨ ਨੇ ਲੋਕਾਂ ਵਿਚ ਜਾਗਰੂਕਤਾ ਜ਼ਰੂਰ ਪੈਦਾ ਕੀਤੀ ਹੈ, ਪਰ ਜ਼ਮੀਨੀ ਪੱਧਰ 'ਤੇ ਬਦਲਾਅ ਹੌਲੀ ਰਫ਼ਤਾਰ ਨਾਲ ਹੋ ਰਿਹਾ ਹੈ। ਵਿਰੋਧੀ ਧਿਰ ਦਾ ਕਹਿਣਾ ਹੈ ਕਿ ਇਹ ਸਾਰੀਆਂ ਯੋਜਨਾਵਾਂ ਸਿਰਫ਼ ਪ੍ਰਚਾਰ ਤੱਕ ਸੀਮਤ ਹਨ। ਸਰਕਾਰ ਦਾ ਦਾਅਵਾ ਹੈ ਕਿ ਆਉਣ ਵਾਲੇ ਸਮੇਂ ਵਿਚ ਇਨ੍ਹਾਂ ਦੇ ਨਤੀਜੇ ਸਾਹਮਣੇ ਆਉਣਗੇ। ਅਰਥ-ਸ਼ਾਸਤਰੀਆਂ ਦਾ ਮੰਨਣਾ ਹੈ ਕਿ ਕਿਸੇ ਵੀ ਯੋਜਨਾ ਦੇ ਨਤੀਜੇ ਸਾਹਮਣੇ ਆਉਣ ਲਈ ਸਮਾਂ ਲਗਦਾ ਹੈ।
—ਡਾ. ਹਰਜਿੰਦਰ ਸਿੰਘ ਦਿਲਗੀਰ
11	C M Y K
